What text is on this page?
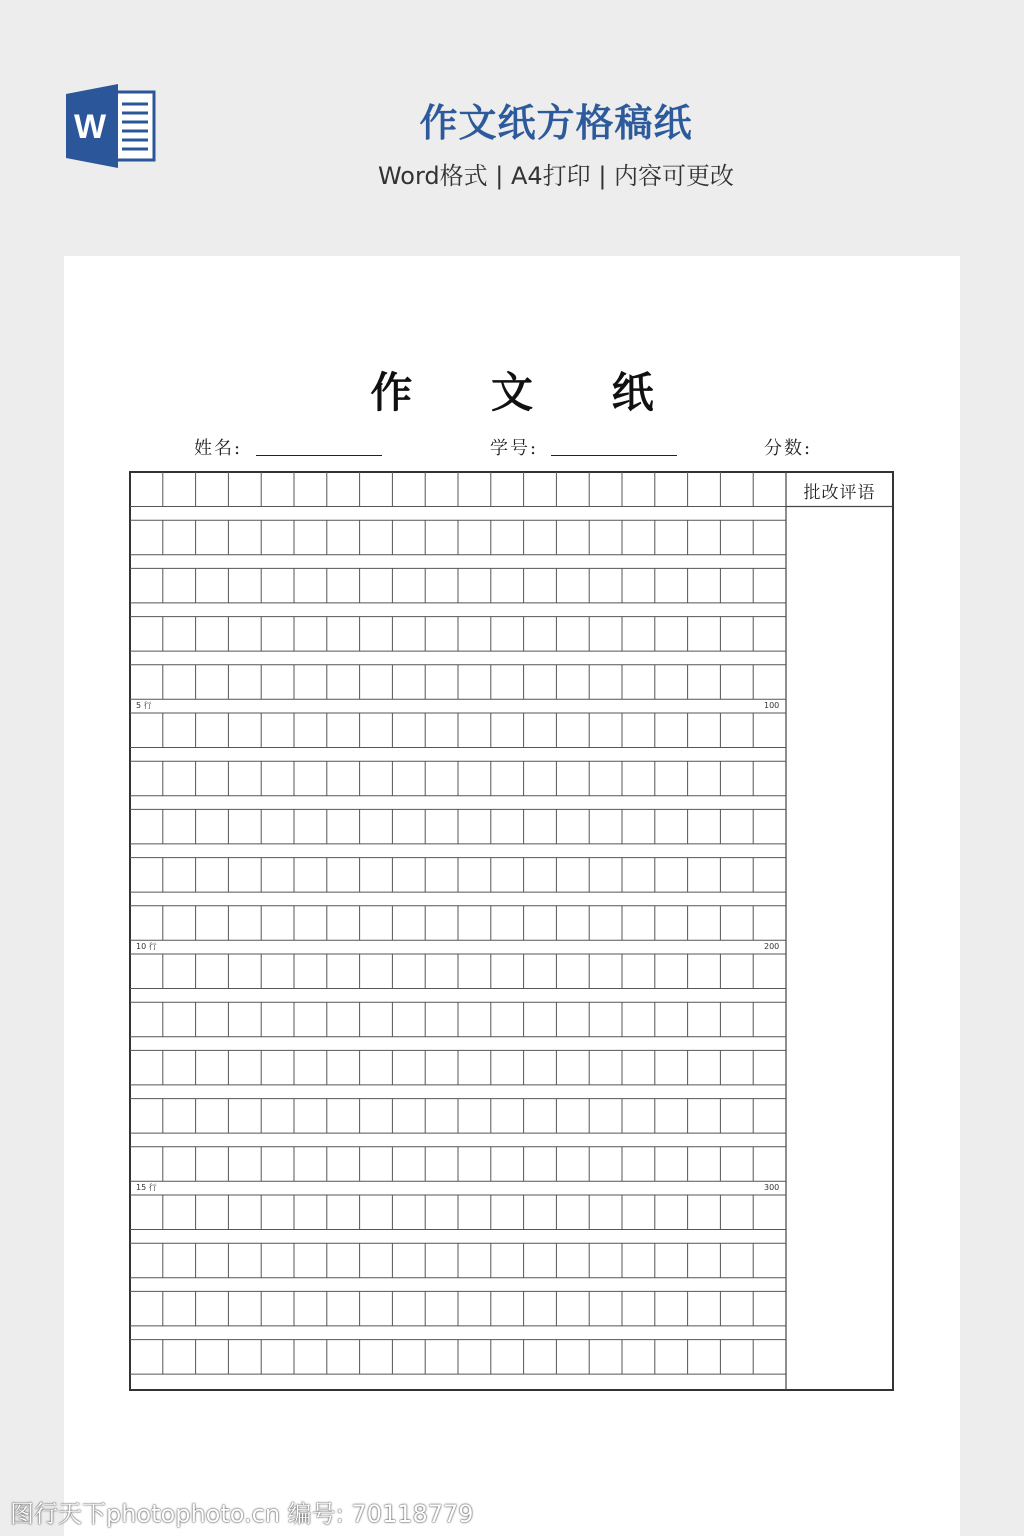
W	作文纸方格稿纸
Word格式 | A4打印 | 内容可更改
作 文 纸
姓名:	学号:	分数:
批改评语
5 行	100
10 行	200
15 行	300
图行天下photophoto.cn 编号: 70118779
